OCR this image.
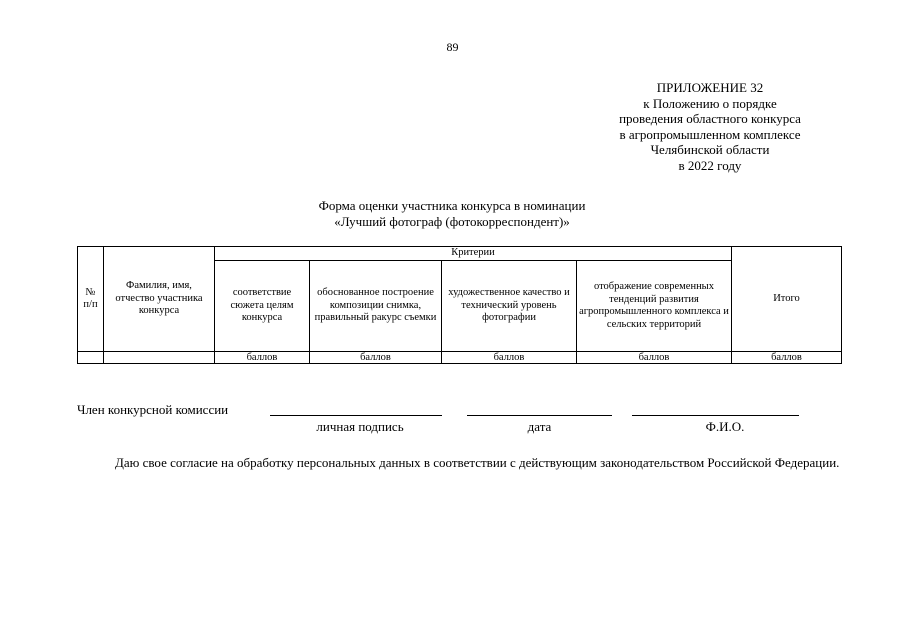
89
ПРИЛОЖЕНИЕ 32
к Положению о порядке
проведения областного конкурса
в агропромышленном комплексе
Челябинской области
в 2022 году
Форма оценки участника конкурса в номинации
«Лучший фотограф (фотокорреспондент)»
№ п/п	Фамилия, имя, отчество участника конкурса	Критерии				Итого
		соответствие сюжета целям конкурса	обоснованное построение композиции снимка, правильный ракурс съемки	художественное качество и технический уровень фотографии	отображение современных тенденций развития агропромышленного комплекса и сельских территорий	
		баллов	баллов	баллов	баллов	баллов
Член конкурсной комиссии
личная подпись	дата	Ф.И.О.
Даю свое согласие на обработку персональных данных в соответствии с действующим законодательством Российской Федерации.
